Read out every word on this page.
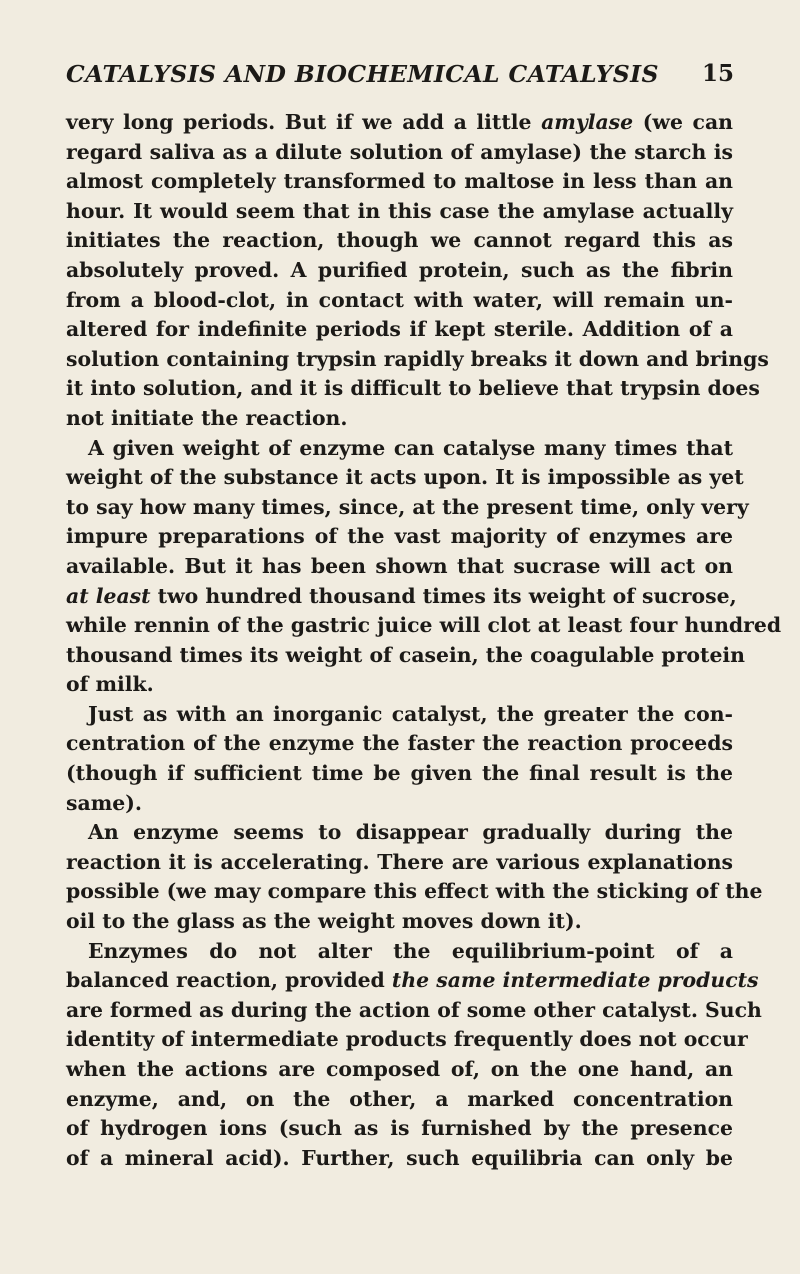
CATALYSIS AND BIOCHEMICAL CATALYSIS 15

very long periods. But if we add a little amylase (we can
regard saliva as a dilute solution of amylase) the starch is
almost completely transformed to maltose in less than an
hour. It would seem that in this case the amylase actually
initiates the reaction, though we cannot regard this as
absolutely proved. A purified protein, such as the fibrin
from a blood-clot, in contact with water, will remain un-
altered for indefinite periods if kept sterile. Addition of a
solution containing trypsin rapidly breaks it down and brings
it into solution, and it is difficult to believe that trypsin does
not initiate the reaction.

A given weight of enzyme can catalyse many times that
weight of the substance it acts upon. It is impossible as yet
to say how many times, since, at the present time, only very
impure preparations of the vast majority of enzymes are
available. But it has been shown that sucrase will act on
at least two hundred thousand times its weight of sucrose,
while rennin of the gastric juice will clot at least four hundred
thousand times its weight of casein, the coagulable protein
of milk.

Just as with an inorganic catalyst, the greater the con-
centration of the enzyme the faster the reaction proceeds
(though if sufficient time be given the final result is the
same).

An enzyme seems to disappear gradually during the
reaction it is accelerating. There are various explanations
possible (we may compare this effect with the sticking of the
oil to the glass as the weight moves down it).

Enzymes do not alter the equilibrium-point of a
balanced reaction, provided the same intermediate products
are formed as during the action of some other catalyst. Such
identity of intermediate products frequently does not occur
when the actions are composed of, on the one hand, an
enzyme, and, on the other, a marked concentration
of hydrogen ions (such as is furnished by the presence
of a mineral acid). Further, such equilibria can only be
